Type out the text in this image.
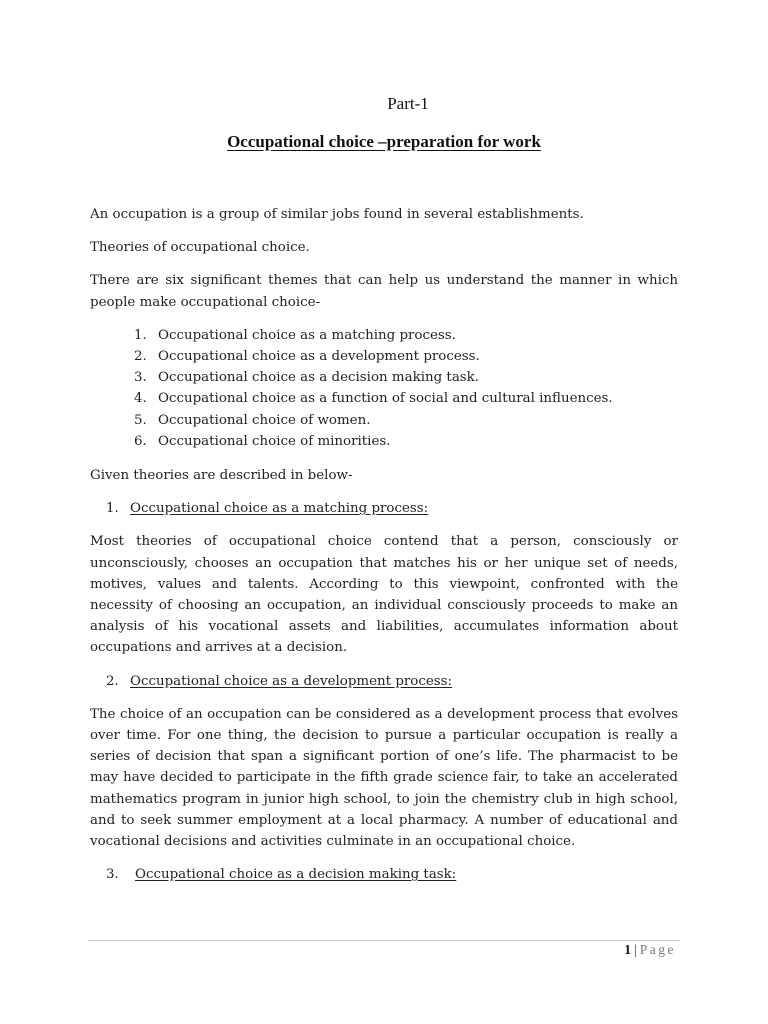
Part-1
Occupational choice –preparation for work

An occupation is a group of similar jobs found in several establishments.

Theories of occupational choice.

There are six significant themes that can help us understand the manner in which people make occupational choice-

1. Occupational choice as a matching process.
2. Occupational choice as a development process.
3. Occupational choice as a decision making task.
4. Occupational choice as a function of social and cultural influences.
5. Occupational choice of women.
6. Occupational choice of minorities.

Given theories are described in below-

1. Occupational choice as a matching process:

Most theories of occupational choice contend that a person, consciously or unconsciously, chooses an occupation that matches his or her unique set of needs, motives, values and talents. According to this viewpoint, confronted with the necessity of choosing an occupation, an individual consciously proceeds to make an analysis of his vocational assets and liabilities, accumulates information about occupations and arrives at a decision.

2. Occupational choice as a development process:

The choice of an occupation can be considered as a development process that evolves over time. For one thing, the decision to pursue a particular occupation is really a series of decision that span a significant portion of one’s life. The pharmacist to be may have decided to participate in the fifth grade science fair, to take an accelerated mathematics program in junior high school, to join the chemistry club in high school, and to seek summer employment at a local pharmacy. A number of educational and vocational decisions and activities culminate in an occupational choice.

3.	Occupational choice as a decision making task:
1 | Page
